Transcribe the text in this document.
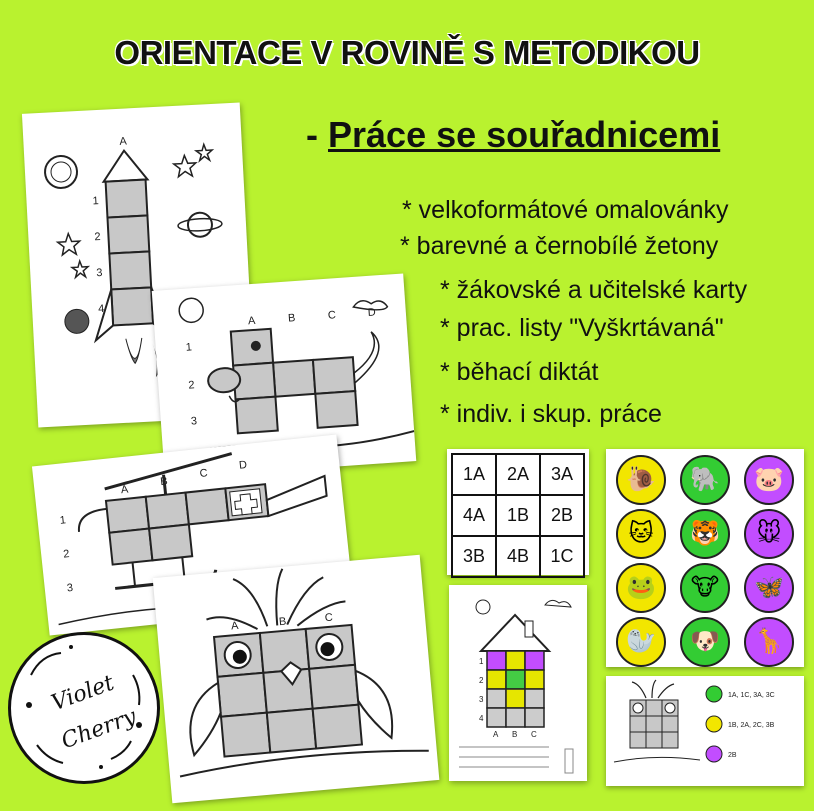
ORIENTACE V ROVINĚ S METODIKOU
- Práce se souřadnicemi
* velkoformátové omalovánky
* barevné a černobílé žetony
* žákovské a učitelské karty
* prac. listy "Vyškrtávaná"
* běhací diktát
* indiv. i skup. práce
A
1
2
3
4
A	B	C	D
1
2
3
A
B
C
D
1
2
3
A	B	C
1A	2A	3A
4A	1B	2B
3B	4B	1C
A B C
1
2
3
4
🐌	🐘	🐷
🐱	🐯	🐭
🐸	🐮	🦋
🦭	🐶	🦒
1A, 1C, 3A, 3C
1B, 2A, 2C, 3B
2B
Violet
Cherry
